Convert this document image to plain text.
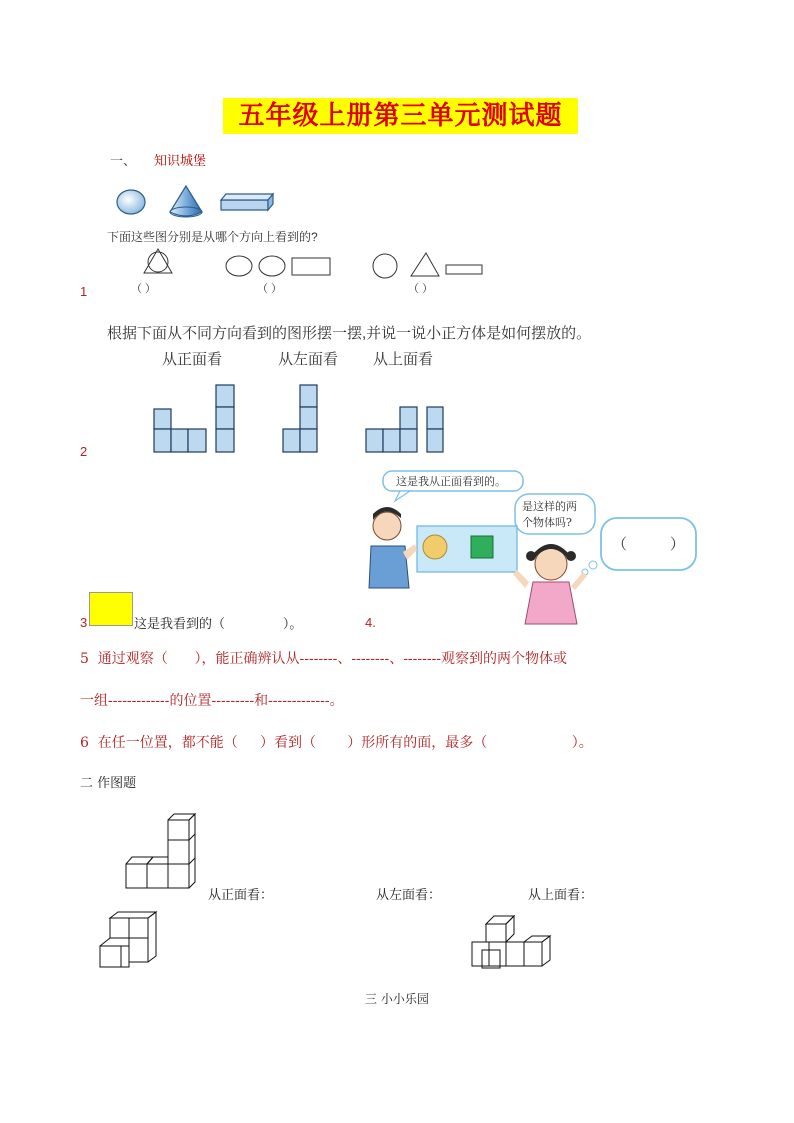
五年级上册第三单元测试题
一、 知识城堡
下面这些图分别是从哪个方向上看到的?
（ ）	（ ）	（ ）
1
根据下面从不同方向看到的图形摆一摆,并说一说小正方体是如何摆放的。
从正面看	从左面看 从上面看
2
这是我从正面看到的。
是这样的两
个物体吗?
（         ）
3	这是我看到的（              ）。	4.
5  通过观察（      ），能正确辨认从--------、--------、--------观察到的两个物体或
一组-------------的位置---------和-------------。
6  在任一位置，都不能（     ）看到（       ）形所有的面，最多（                   ）。
二 作图题
从正面看：	从左面看：	从上面看：
三 小小乐园
